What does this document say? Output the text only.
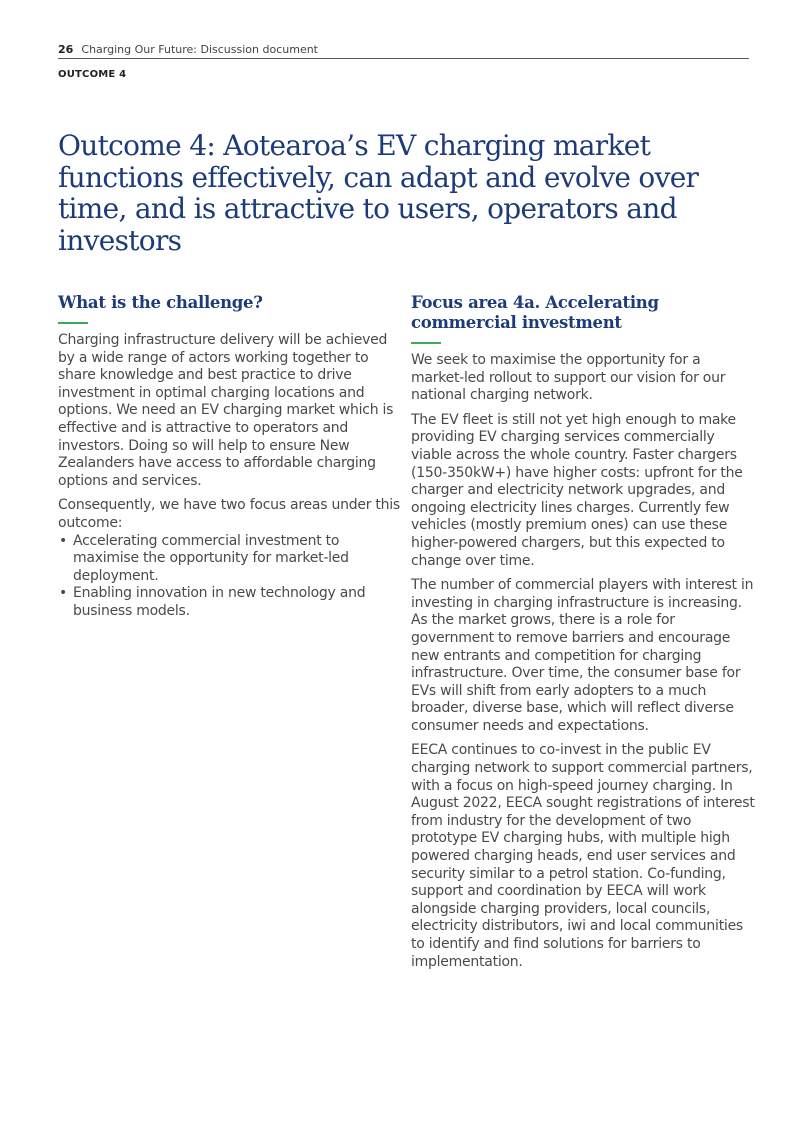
26 Charging Our Future: Discussion document
OUTCOME 4
Outcome 4: Aotearoa’s EV charging market functions effectively, can adapt and evolve over time, and is attractive to users, operators and investors
What is the challenge?

Charging infrastructure delivery will be achieved by a wide range of actors working together to share knowledge and best practice to drive investment in optimal charging locations and options. We need an EV charging market which is effective and is attractive to operators and investors. Doing so will help to ensure New Zealanders have access to affordable charging options and services.

Consequently, we have two focus areas under this outcome:

• Accelerating commercial investment to maximise the opportunity for market-led deployment.
• Enabling innovation in new technology and business models.
Focus area 4a. Accelerating commercial investment

We seek to maximise the opportunity for a market-led rollout to support our vision for our national charging network.

The EV fleet is still not yet high enough to make providing EV charging services commercially viable across the whole country. Faster chargers (150-350kW+) have higher costs: upfront for the charger and electricity network upgrades, and ongoing electricity lines charges. Currently few vehicles (mostly premium ones) can use these higher-powered chargers, but this expected to change over time.

The number of commercial players with interest in investing in charging infrastructure is increasing. As the market grows, there is a role for government to remove barriers and encourage new entrants and competition for charging infrastructure. Over time, the consumer base for EVs will shift from early adopters to a much broader, diverse base, which will reflect diverse consumer needs and expectations.

EECA continues to co-invest in the public EV charging network to support commercial partners, with a focus on high-speed journey charging. In August 2022, EECA sought registrations of interest from industry for the development of two prototype EV charging hubs, with multiple high powered charging heads, end user services and security similar to a petrol station. Co-funding, support and coordination by EECA will work alongside charging providers, local councils, electricity distributors, iwi and local communities to identify and find solutions for barriers to implementation.
